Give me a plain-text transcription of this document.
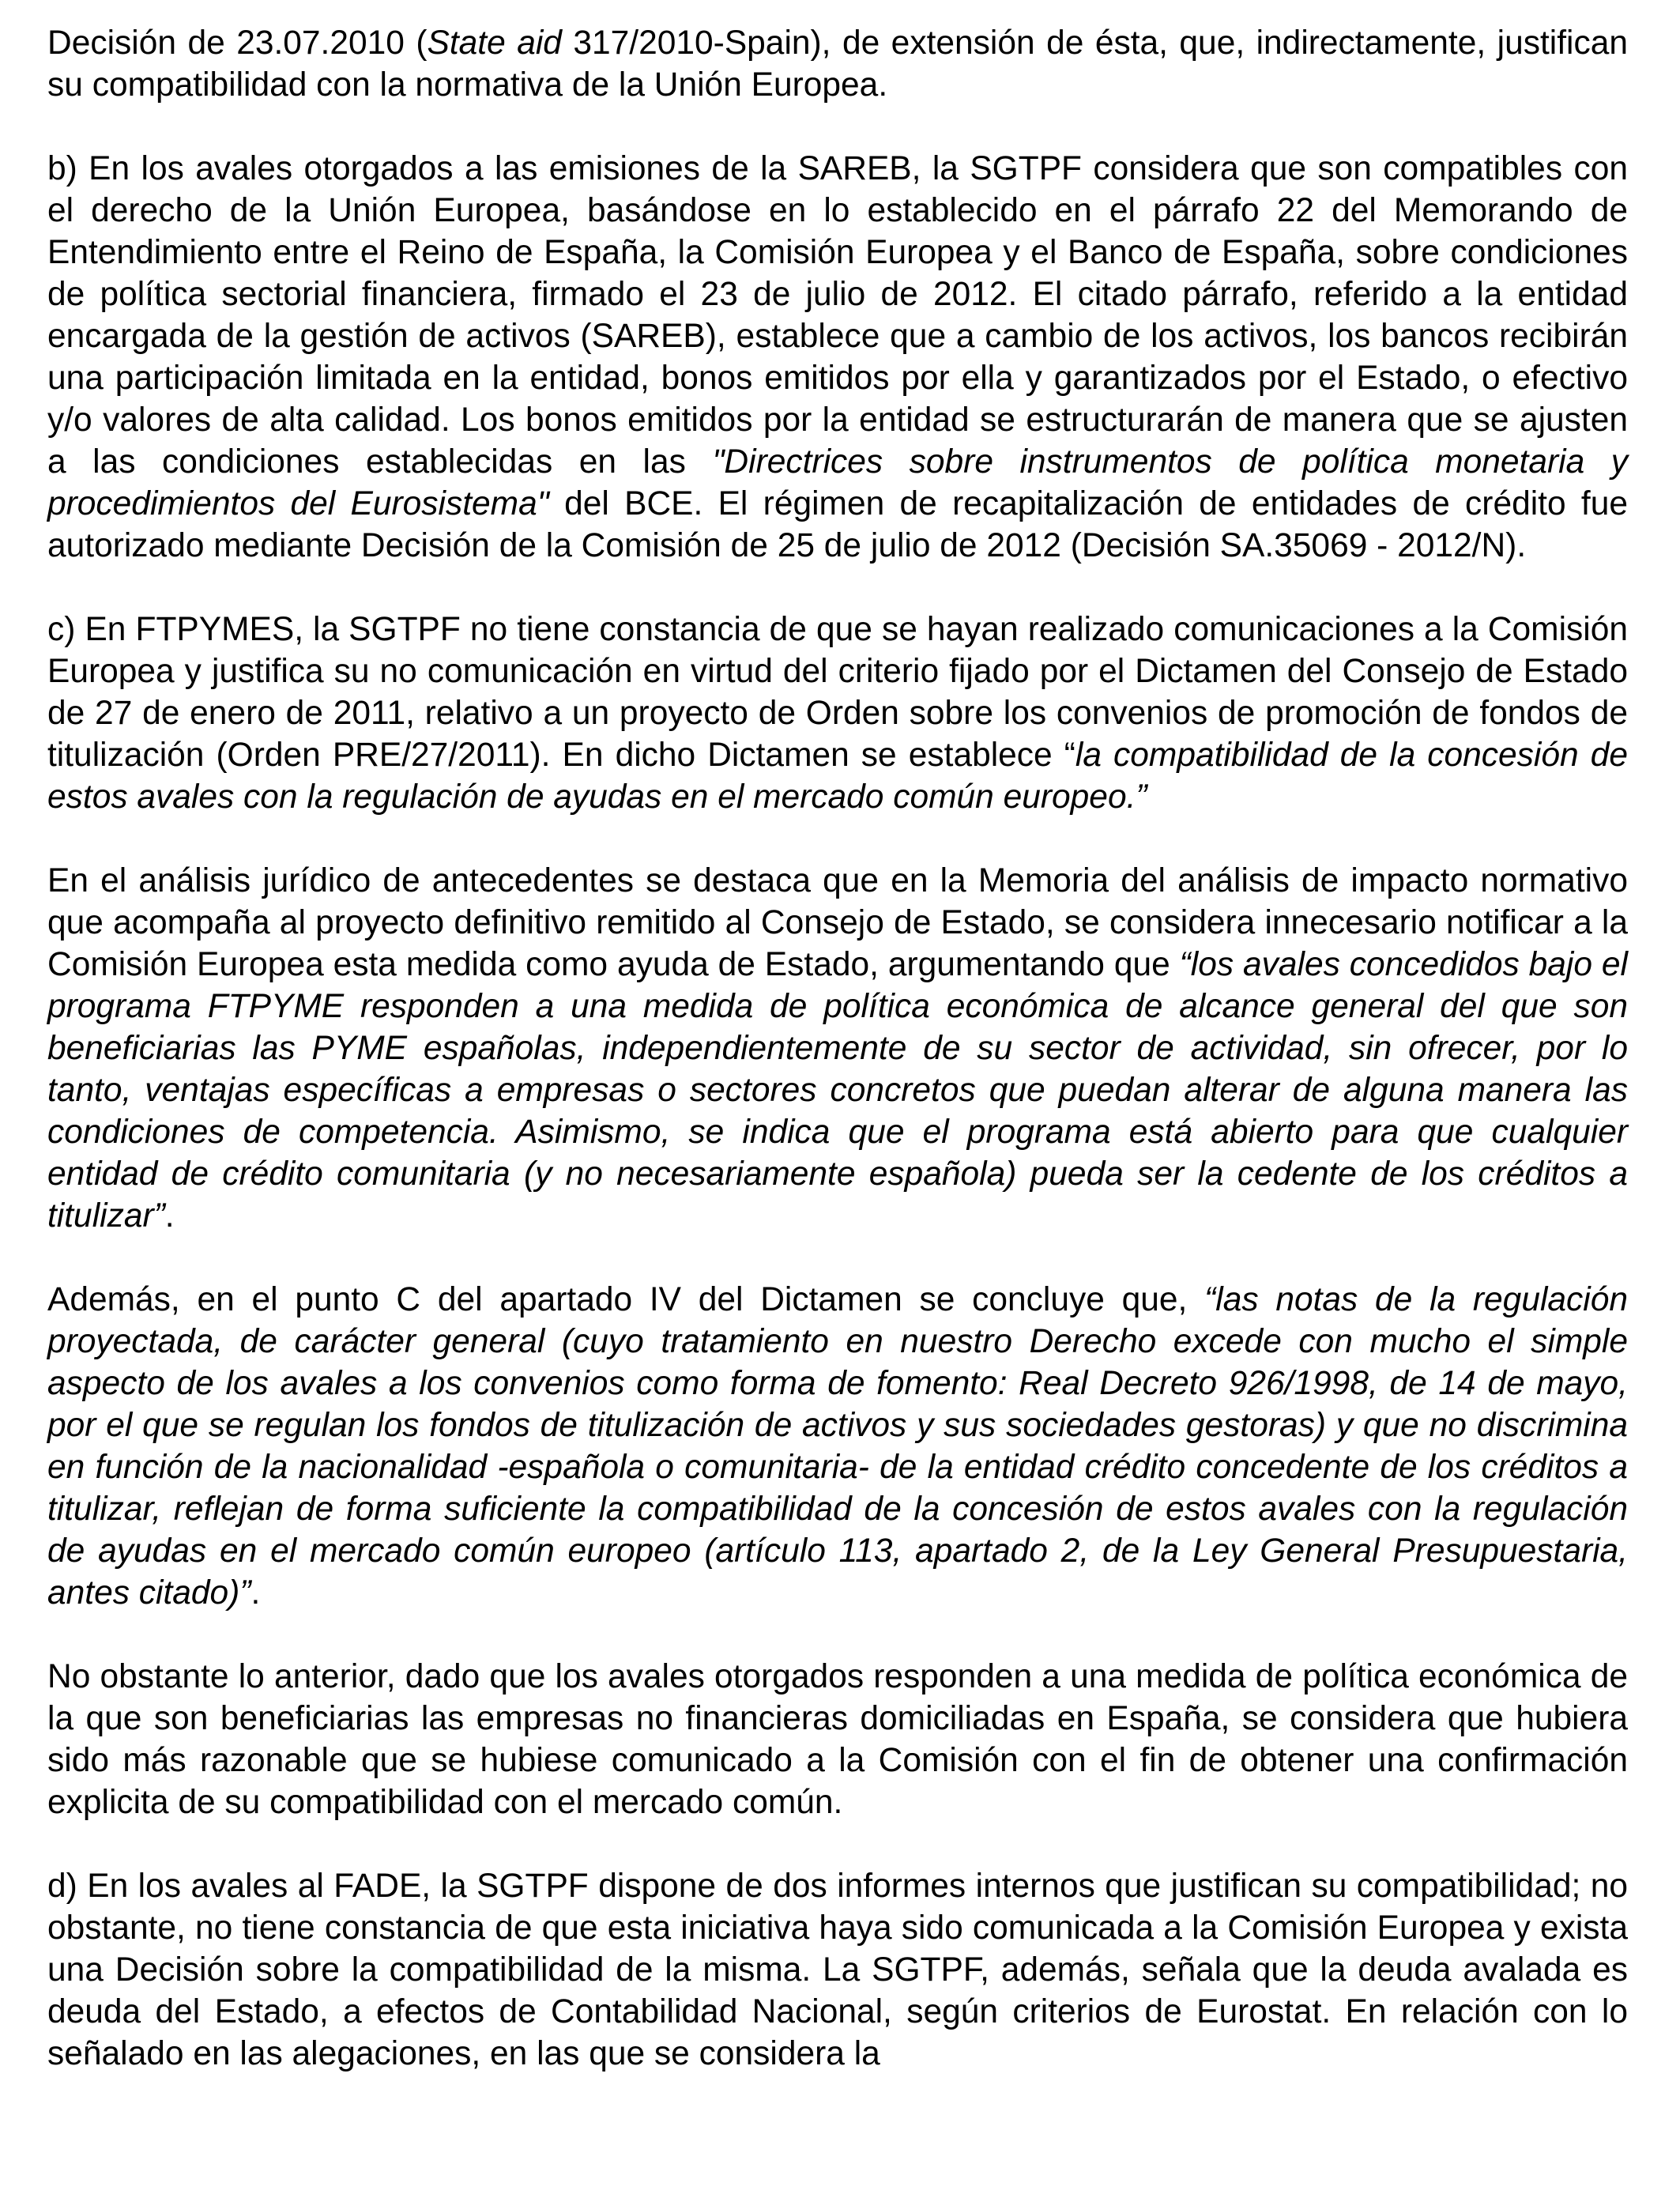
Decisión de 23.07.2010 (State aid 317/2010-Spain), de extensión de ésta, que, indirectamente, justifican su compatibilidad con la normativa de la Unión Europea.

b) En los avales otorgados a las emisiones de la SAREB, la SGTPF considera que son compatibles con el derecho de la Unión Europea, basándose en lo establecido en el párrafo 22 del Memorando de Entendimiento entre el Reino de España, la Comisión Europea y el Banco de España, sobre condiciones de política sectorial financiera, firmado el 23 de julio de 2012. El citado párrafo, referido a la entidad encargada de la gestión de activos (SAREB), establece que a cambio de los activos, los bancos recibirán una participación limitada en la entidad, bonos emitidos por ella y garantizados por el Estado, o efectivo y/o valores de alta calidad. Los bonos emitidos por la entidad se estructurarán de manera que se ajusten a las condiciones establecidas en las "Directrices sobre instrumentos de política monetaria y procedimientos del Eurosistema" del BCE. El régimen de recapitalización de entidades de crédito fue autorizado mediante Decisión de la Comisión de 25 de julio de 2012 (Decisión SA.35069 - 2012/N).

c) En FTPYMES, la SGTPF no tiene constancia de que se hayan realizado comunicaciones a la Comisión Europea y justifica su no comunicación en virtud del criterio fijado por el Dictamen del Consejo de Estado de 27 de enero de 2011, relativo a un proyecto de Orden sobre los convenios de promoción de fondos de titulización (Orden PRE/27/2011). En dicho Dictamen se establece “la compatibilidad de la concesión de estos avales con la regulación de ayudas en el mercado común europeo.”

En el análisis jurídico de antecedentes se destaca que en la Memoria del análisis de impacto normativo que acompaña al proyecto definitivo remitido al Consejo de Estado, se considera innecesario notificar a la Comisión Europea esta medida como ayuda de Estado, argumentando que “los avales concedidos bajo el programa FTPYME responden a una medida de política económica de alcance general del que son beneficiarias las PYME españolas, independientemente de su sector de actividad, sin ofrecer, por lo tanto, ventajas específicas a empresas o sectores concretos que puedan alterar de alguna manera las condiciones de competencia. Asimismo, se indica que el programa está abierto para que cualquier entidad de crédito comunitaria (y no necesariamente española) pueda ser la cedente de los créditos a titulizar”.

Además, en el punto C del apartado IV del Dictamen se concluye que, “las notas de la regulación proyectada, de carácter general (cuyo tratamiento en nuestro Derecho excede con mucho el simple aspecto de los avales a los convenios como forma de fomento: Real Decreto 926/1998, de 14 de mayo, por el que se regulan los fondos de titulización de activos y sus sociedades gestoras) y que no discrimina en función de la nacionalidad -española o comunitaria- de la entidad crédito concedente de los créditos a titulizar, reflejan de forma suficiente la compatibilidad de la concesión de estos avales con la regulación de ayudas en el mercado común europeo (artículo 113, apartado 2, de la Ley General Presupuestaria, antes citado)”.

No obstante lo anterior, dado que los avales otorgados responden a una medida de política económica de la que son beneficiarias las empresas no financieras domiciliadas en España, se considera que hubiera sido más razonable que se hubiese comunicado a la Comisión con el fin de obtener una confirmación explicita de su compatibilidad con el mercado común.

d) En los avales al FADE, la SGTPF dispone de dos informes internos que justifican su compatibilidad; no obstante, no tiene constancia de que esta iniciativa haya sido comunicada a la Comisión Europea y exista una Decisión sobre la compatibilidad de la misma. La SGTPF, además, señala que la deuda avalada es deuda del Estado, a efectos de Contabilidad Nacional, según criterios de Eurostat. En relación con lo señalado en las alegaciones, en las que se considera la
